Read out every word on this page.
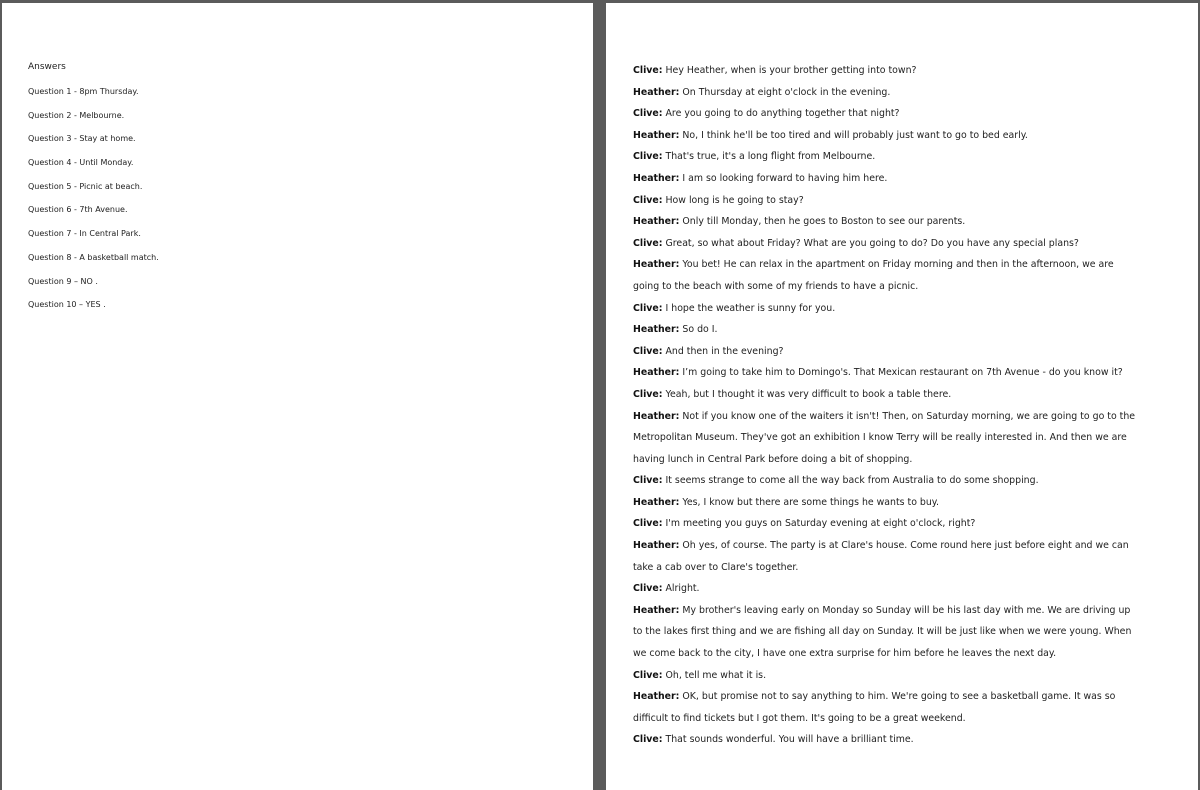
Answers
Question 1 - 8pm Thursday.
Question 2 - Melbourne.
Question 3 - Stay at home.
Question 4 - Until Monday.
Question 5 - Picnic at beach.
Question 6 - 7th Avenue.
Question 7 - In Central Park.
Question 8 - A basketball match.
Question 9 – NO .
Question 10 – YES .
Clive: Hey Heather, when is your brother getting into town?
Heather: On Thursday at eight o'clock in the evening.
Clive: Are you going to do anything together that night?
Heather: No, I think he'll be too tired and will probably just want to go to bed early.
Clive: That's true, it's a long flight from Melbourne.
Heather: I am so looking forward to having him here.
Clive: How long is he going to stay?
Heather: Only till Monday, then he goes to Boston to see our parents.
Clive: Great, so what about Friday? What are you going to do? Do you have any special plans?
Heather: You bet! He can relax in the apartment on Friday morning and then in the afternoon, we are going to the beach with some of my friends to have a picnic.
Clive: I hope the weather is sunny for you.
Heather: So do I.
Clive: And then in the evening?
Heather: I’m going to take him to Domingo's. That Mexican restaurant on 7th Avenue - do you know it?
Clive: Yeah, but I thought it was very difficult to book a table there.
Heather: Not if you know one of the waiters it isn't! Then, on Saturday morning, we are going to go to the Metropolitan Museum. They've got an exhibition I know Terry will be really interested in. And then we are having lunch in Central Park before doing a bit of shopping.
Clive: It seems strange to come all the way back from Australia to do some shopping.
Heather: Yes, I know but there are some things he wants to buy.
Clive: I'm meeting you guys on Saturday evening at eight o'clock, right?
Heather: Oh yes, of course. The party is at Clare's house. Come round here just before eight and we can take a cab over to Clare's together.
Clive: Alright.
Heather: My brother's leaving early on Monday so Sunday will be his last day with me. We are driving up to the lakes first thing and we are fishing all day on Sunday. It will be just like when we were young. When we come back to the city, I have one extra surprise for him before he leaves the next day.
Clive: Oh, tell me what it is.
Heather: OK, but promise not to say anything to him. We're going to see a basketball game. It was so difficult to find tickets but I got them. It's going to be a great weekend.
Clive: That sounds wonderful. You will have a brilliant time.
